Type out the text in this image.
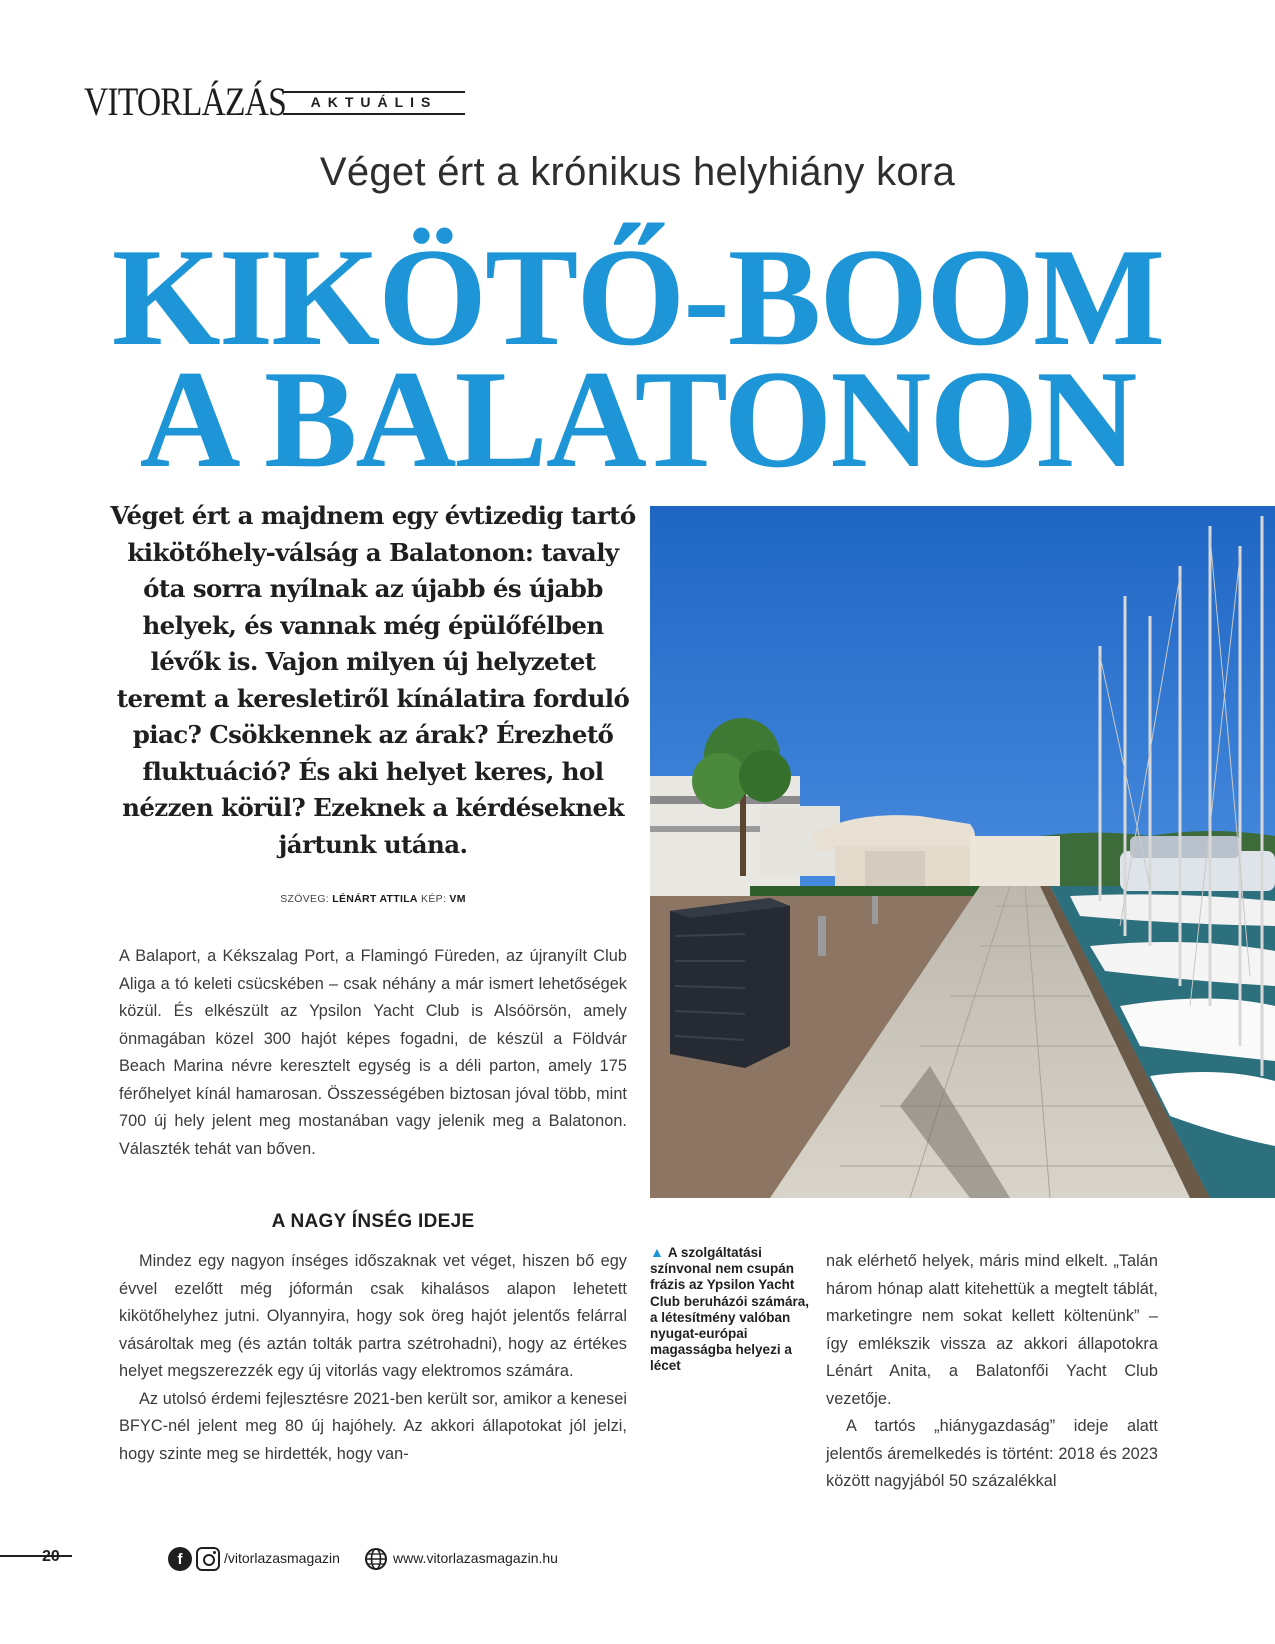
VITORLÁZÁS	AKTUÁLIS
Véget ért a krónikus helyhiány kora
KIKÖTŐ-BOOM
A BALATONON
Véget ért a majdnem egy évtizedig tartó kikötőhely-válság a Balatonon: tavaly óta sorra nyílnak az újabb és újabb helyek, és vannak még épülőfélben lévők is. Vajon milyen új helyzetet teremt a keresletiről kínálatira forduló piac? Csökkennek az árak? Érezhető fluktuáció? És aki helyet keres, hol nézzen körül? Ezeknek a kérdéseknek jártunk utána.
SZÖVEG: LÉNÁRT ATTILA KÉP: VM

A Balaport, a Kékszalag Port, a Flamingó Füreden, az újranyílt Club Aliga a tó keleti csücskében – csak néhány a már ismert lehetőségek közül. És elkészült az Ypsilon Yacht Club is Alsóörsön, amely önmagában közel 300 hajót képes fogadni, de készül a Földvár Beach Marina névre keresztelt egység is a déli parton, amely 175 férőhelyet kínál hamarosan. Összességében biztosan jóval több, mint 700 új hely jelent meg mostanában vagy jelenik meg a Balatonon. Választék tehát van bőven.

A NAGY ÍNSÉG IDEJE

Mindez egy nagyon ínséges időszaknak vet véget, hiszen bő egy évvel ezelőtt még jóformán csak kihalásos alapon lehetett kikötőhelyhez jutni. Olyannyira, hogy sok öreg hajót jelentős felárral vásároltak meg (és aztán tolták partra szétrohadni), hogy az értékes helyet megszerezzék egy új vitorlás vagy elektromos számára.

Az utolsó érdemi fejlesztésre 2021-ben került sor, amikor a kenesei BFYC-nél jelent meg 80 új hajóhely. Az akkori állapotokat jól jelzi, hogy szinte meg se hirdették, hogy van-

▲ A szolgáltatási színvonal nem csupán frázis az Ypsilon Yacht Club beruházói számára, a létesítmény valóban nyugat-európai magasságba helyezi a lécet

nak elérhető helyek, máris mind elkelt. „Talán három hónap alatt kitehettük a megtelt táblát, marketingre nem sokat kellett költenünk” – így emlékszik vissza az akkori állapotokra Lénárt Anita, a Balatonfői Yacht Club vezetője.

A tartós „hiánygazdaság” ideje alatt jelentős áremelkedés is történt: 2018 és 2023 között nagyjából 50 százalékkal

20	f	/vitorlazasmagazin	www.vitorlazasmagazin.hu
